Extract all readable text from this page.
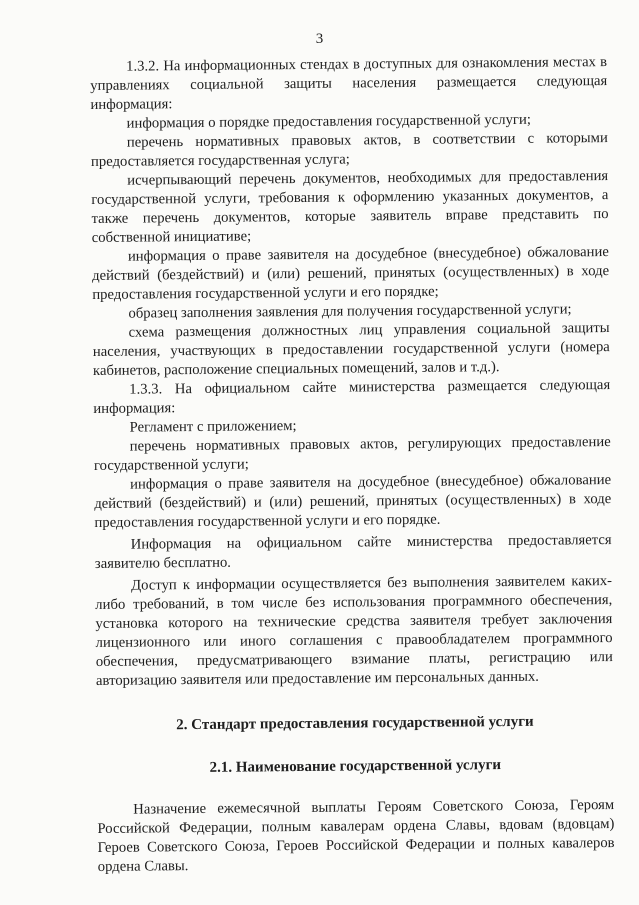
3

1.3.2. На информационных стендах в доступных для ознакомления местах в управлениях социальной защиты населения размещается следующая информация:

информация о порядке предоставления государственной услуги;

перечень нормативных правовых актов, в соответствии с которыми предоставляется государственная услуга;

исчерпывающий перечень документов, необходимых для предоставления государственной услуги, требования к оформлению указанных документов, а также перечень документов, которые заявитель вправе представить по собственной инициативе;

информация о праве заявителя на досудебное (внесудебное) обжалование действий (бездействий) и (или) решений, принятых (осуществленных) в ходе предоставления государственной услуги и его порядке;

образец заполнения заявления для получения государственной услуги;

схема размещения должностных лиц управления социальной защиты населения, участвующих в предоставлении государственной услуги (номера кабинетов, расположение специальных помещений, залов и т.д.).

1.3.3. На официальном сайте министерства размещается следующая информация:

Регламент с приложением;

перечень нормативных правовых актов, регулирующих предоставление государственной услуги;

информация о праве заявителя на досудебное (внесудебное) обжалование действий (бездействий) и (или) решений, принятых (осуществленных) в ходе предоставления государственной услуги и его порядке.

Информация на официальном сайте министерства предоставляется заявителю бесплатно.

Доступ к информации осуществляется без выполнения заявителем каких-либо требований, в том числе без использования программного обеспечения, установка которого на технические средства заявителя требует заключения лицензионного или иного соглашения с правообладателем программного обеспечения, предусматривающего взимание платы, регистрацию или авторизацию заявителя или предоставление им персональных данных.

2. Стандарт предоставления государственной услуги

2.1. Наименование государственной услуги

Назначение ежемесячной выплаты Героям Советского Союза, Героям Российской Федерации, полным кавалерам ордена Славы, вдовам (вдовцам) Героев Советского Союза, Героев Российской Федерации и полных кавалеров ордена Славы.
